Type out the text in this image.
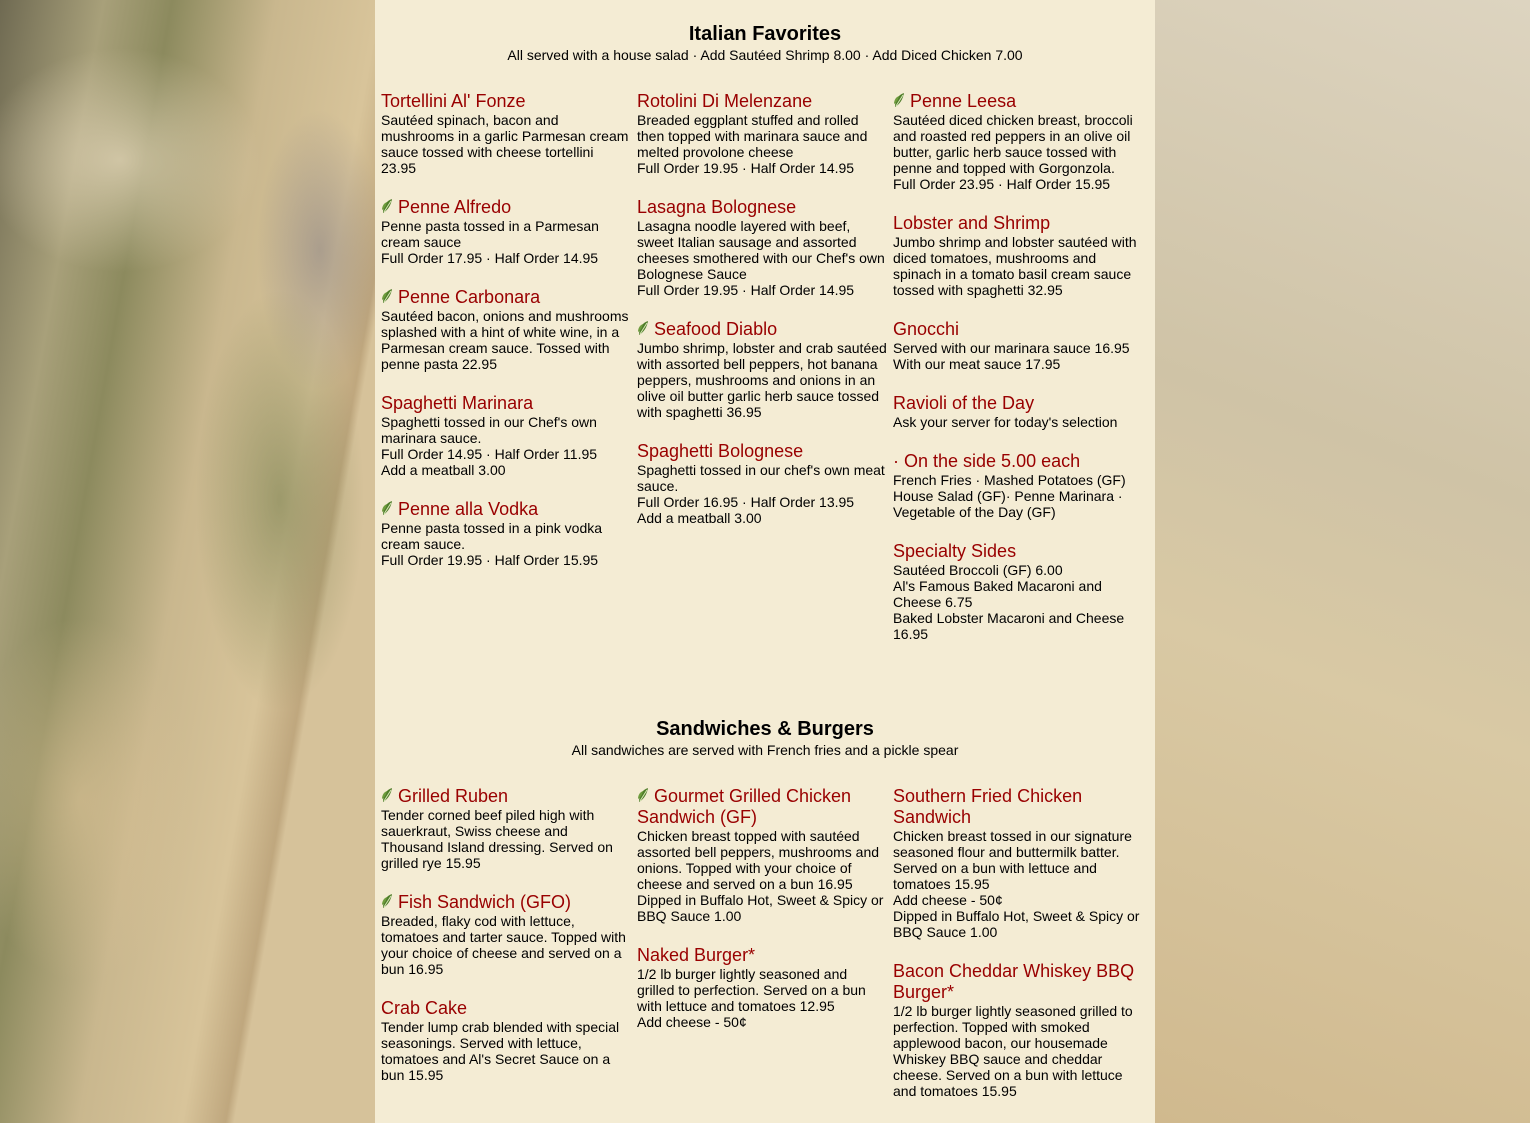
Italian Favorites
All served with a house salad · Add Sautéed Shrimp 8.00 · Add Diced Chicken 7.00
Sandwiches & Burgers
All sandwiches are served with French fries and a pickle spear
Tortellini Al' Fonze

Sautéed spinach, bacon and mushrooms in a garlic Parmesan cream sauce tossed with cheese tortellini 23.95

Penne Alfredo

Penne pasta tossed in a Parmesan cream sauce

Full Order 17.95 · Half Order 14.95

Penne Carbonara

Sautéed bacon, onions and mushrooms splashed with a hint of white wine, in a Parmesan cream sauce. Tossed with penne pasta 22.95

Spaghetti Marinara

Spaghetti tossed in our Chef's own marinara sauce.

Full Order 14.95 · Half Order 11.95

Add a meatball 3.00

Penne alla Vodka

Penne pasta tossed in a pink vodka cream sauce.

Full Order 19.95 · Half Order 15.95

Rotolini Di Melenzane

Breaded eggplant stuffed and rolled then topped with marinara sauce and melted provolone cheese

Full Order 19.95 · Half Order 14.95

Lasagna Bolognese

Lasagna noodle layered with beef, sweet Italian sausage and assorted cheeses smothered with our Chef's own Bolognese Sauce

Full Order 19.95 · Half Order 14.95

Seafood Diablo

Jumbo shrimp, lobster and crab sautéed with assorted bell peppers, hot banana peppers, mushrooms and onions in an olive oil butter garlic herb sauce tossed with spaghetti 36.95

Spaghetti Bolognese

Spaghetti tossed in our chef's own meat sauce.

Full Order 16.95 · Half Order 13.95

Add a meatball 3.00

Penne Leesa

Sautéed diced chicken breast, broccoli and roasted red peppers in an olive oil butter, garlic herb sauce tossed with penne and topped with Gorgonzola.

Full Order 23.95 · Half Order 15.95

Lobster and Shrimp

Jumbo shrimp and lobster sautéed with diced tomatoes, mushrooms and spinach in a tomato basil cream sauce tossed with spaghetti 32.95

Gnocchi

Served with our marinara sauce 16.95

With our meat sauce 17.95

Ravioli of the Day

Ask your server for today's selection

· On the side 5.00 each

French Fries · Mashed Potatoes (GF)

House Salad (GF)· Penne Marinara · Vegetable of the Day (GF)

Specialty Sides

Sautéed Broccoli (GF) 6.00

Al's Famous Baked Macaroni and Cheese 6.75

Baked Lobster Macaroni and Cheese 16.95

Grilled Ruben

Tender corned beef piled high with sauerkraut, Swiss cheese and Thousand Island dressing. Served on grilled rye 15.95

Fish Sandwich (GFO)

Breaded, flaky cod with lettuce, tomatoes and tarter sauce. Topped with your choice of cheese and served on a bun 16.95

Crab Cake

Tender lump crab blended with special seasonings. Served with lettuce, tomatoes and Al's Secret Sauce on a bun 15.95

Gourmet Grilled Chicken Sandwich (GF)

Chicken breast topped with sautéed assorted bell peppers, mushrooms and onions. Topped with your choice of cheese and served on a bun 16.95

Dipped in Buffalo Hot, Sweet & Spicy or BBQ Sauce 1.00

Naked Burger*

1/2 lb burger lightly seasoned and grilled to perfection. Served on a bun with lettuce and tomatoes 12.95

Add cheese - 50¢

Southern Fried Chicken Sandwich

Chicken breast tossed in our signature seasoned flour and buttermilk batter. Served on a bun with lettuce and tomatoes 15.95

Add cheese - 50¢

Dipped in Buffalo Hot, Sweet & Spicy or BBQ Sauce 1.00

Bacon Cheddar Whiskey BBQ Burger*

1/2 lb burger lightly seasoned grilled to perfection. Topped with smoked applewood bacon, our housemade Whiskey BBQ sauce and cheddar cheese. Served on a bun with lettuce and tomatoes 15.95
